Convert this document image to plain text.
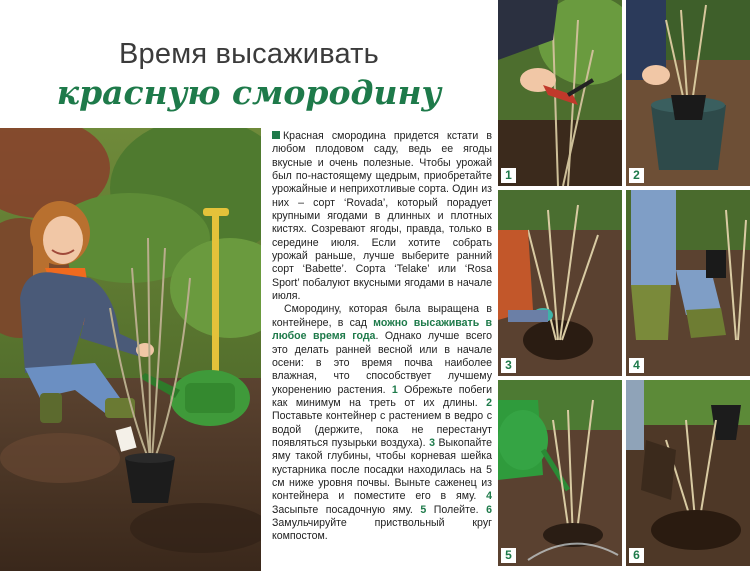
Время высаживать
красную смородину

Красная смородина придется кстати в любом плодовом саду, ведь ее ягоды вкусные и очень полезные. Чтобы урожай был по-настоящему щедрым, приобретайте урожайные и неприхотливые сорта. Один из них – сорт ‘Rovada’, который порадует крупными ягодами в длинных и плотных кистях. Созревают ягоды, правда, только в середине июля. Если хотите собрать урожай раньше, лучше выберите ранний сорт ‘Babette’. Сорта ‘Telake’ или ‘Rosa Sport’ побалуют вкусными ягодами в начале июля.

Смородину, которая была выращена в контейнере, в сад можно высаживать в любое время года. Однако лучше всего это делать ранней весной или в начале осени: в это время почва наиболее влажная, что способствует лучшему укоренению растения. 1 Обрежьте побеги как минимум на треть от их длины. 2 Поставьте контейнер с растением в ведро с водой (держите, пока не перестанут появляться пузырьки воздуха). 3 Выкопайте яму такой глубины, чтобы корневая шейка кустарника после посадки находилась на 5 см ниже уровня почвы. Выньте саженец из контейнера и поместите его в яму. 4 Засыпьте посадочную яму. 5 Полейте. 6 Замульчируйте приствольный круг компостом.

1	2
3	4
5	6
